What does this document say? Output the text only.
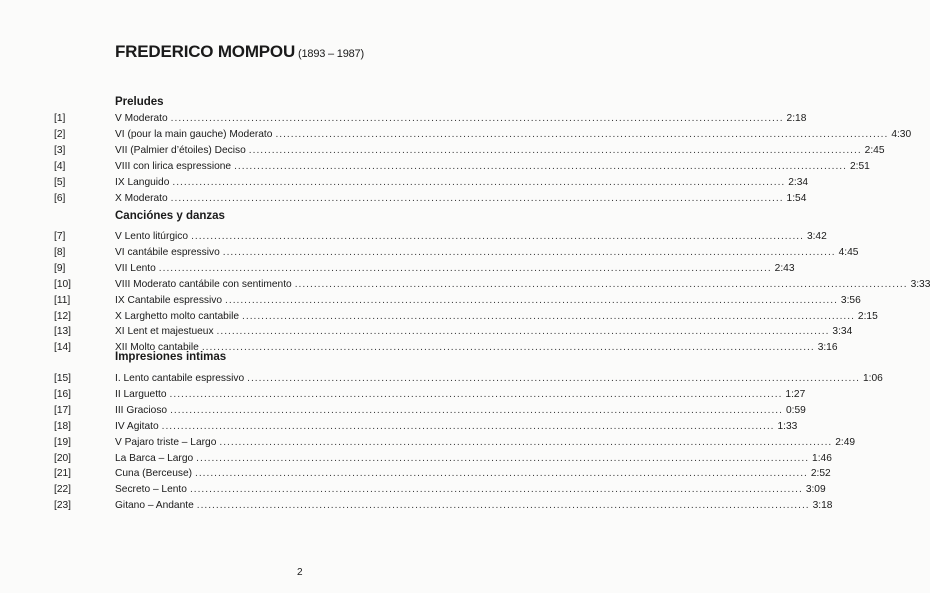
FREDERICO MOMPOU (1893 – 1987)
Preludes
[1]	V Moderato ................................................................................................................................................................ 2:18
[2]	VI (pour la main gauche) Moderato ................................................................................................................................................................ 4:30
[3]	VII (Palmier d’étoiles) Deciso ................................................................................................................................................................ 2:45
[4]	VIII con lirica espressione ................................................................................................................................................................ 2:51
[5]	IX Languido ................................................................................................................................................................ 2:34
[6]	X Moderato ................................................................................................................................................................ 1:54
Canciónes y danzas
[7]	V Lento litúrgico ................................................................................................................................................................ 3:42
[8]	VI cantábile espressivo ................................................................................................................................................................ 4:45
[9]	VII Lento ................................................................................................................................................................ 2:43
[10]	VIII Moderato cantábile con sentimento ................................................................................................................................................................ 3:33
[11]	IX Cantabile espressivo ................................................................................................................................................................ 3:56
[12]	X Larghetto molto cantabile ................................................................................................................................................................ 2:15
[13]	XI Lent et majestueux ................................................................................................................................................................ 3:34
[14]	XII Molto cantabile ................................................................................................................................................................ 3:16
Impresiones intimas
[15]	I. Lento cantabile espressivo ................................................................................................................................................................ 1:06
[16]	II Larguetto ................................................................................................................................................................ 1:27
[17]	III Gracioso ................................................................................................................................................................ 0:59
[18]	IV Agitato ................................................................................................................................................................ 1:33
[19]	V Pajaro triste – Largo ................................................................................................................................................................ 2:49
[20]	La Barca – Largo ................................................................................................................................................................ 1:46
[21]	Cuna (Berceuse) ................................................................................................................................................................ 2:52
[22]	Secreto – Lento ................................................................................................................................................................ 3:09
[23]	Gitano – Andante ................................................................................................................................................................ 3:18
2
